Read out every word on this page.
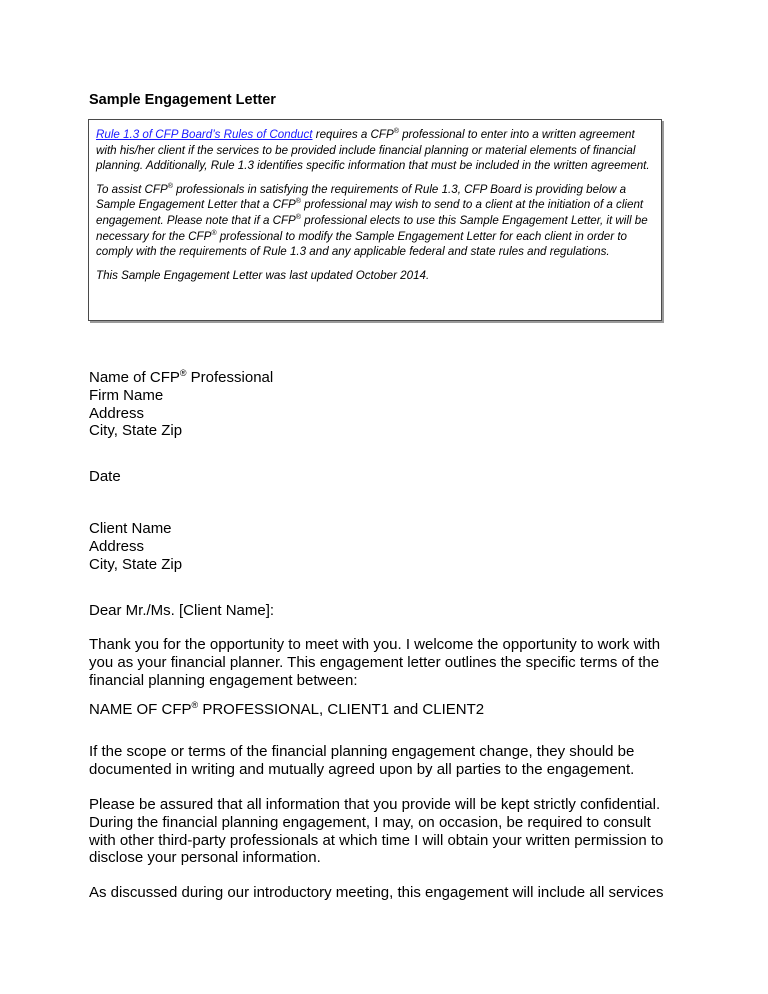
Sample Engagement Letter

Rule 1.3 of CFP Board’s Rules of Conduct requires a CFP® professional to enter into a written agreement with his/her client if the services to be provided include financial planning or material elements of financial planning. Additionally, Rule 1.3 identifies specific information that must be included in the written agreement.

To assist CFP® professionals in satisfying the requirements of Rule 1.3, CFP Board is providing below a Sample Engagement Letter that a CFP® professional may wish to send to a client at the initiation of a client engagement. Please note that if a CFP® professional elects to use this Sample Engagement Letter, it will be necessary for the CFP® professional to modify the Sample Engagement Letter for each client in order to comply with the requirements of Rule 1.3 and any applicable federal and state rules and regulations.

This Sample Engagement Letter was last updated October 2014.

Name of CFP® Professional
Firm Name
Address
City, State Zip
Date
Client Name
Address
City, State Zip
Dear Mr./Ms. [Client Name]:

Thank you for the opportunity to meet with you. I welcome the opportunity to work with you as your financial planner. This engagement letter outlines the specific terms of the financial planning engagement between:

NAME OF CFP® PROFESSIONAL, CLIENT1 and CLIENT2

If the scope or terms of the financial planning engagement change, they should be documented in writing and mutually agreed upon by all parties to the engagement.

Please be assured that all information that you provide will be kept strictly confidential. During the financial planning engagement, I may, on occasion, be required to consult with other third-party professionals at which time I will obtain your written permission to disclose your personal information.

As discussed during our introductory meeting, this engagement will include all services
